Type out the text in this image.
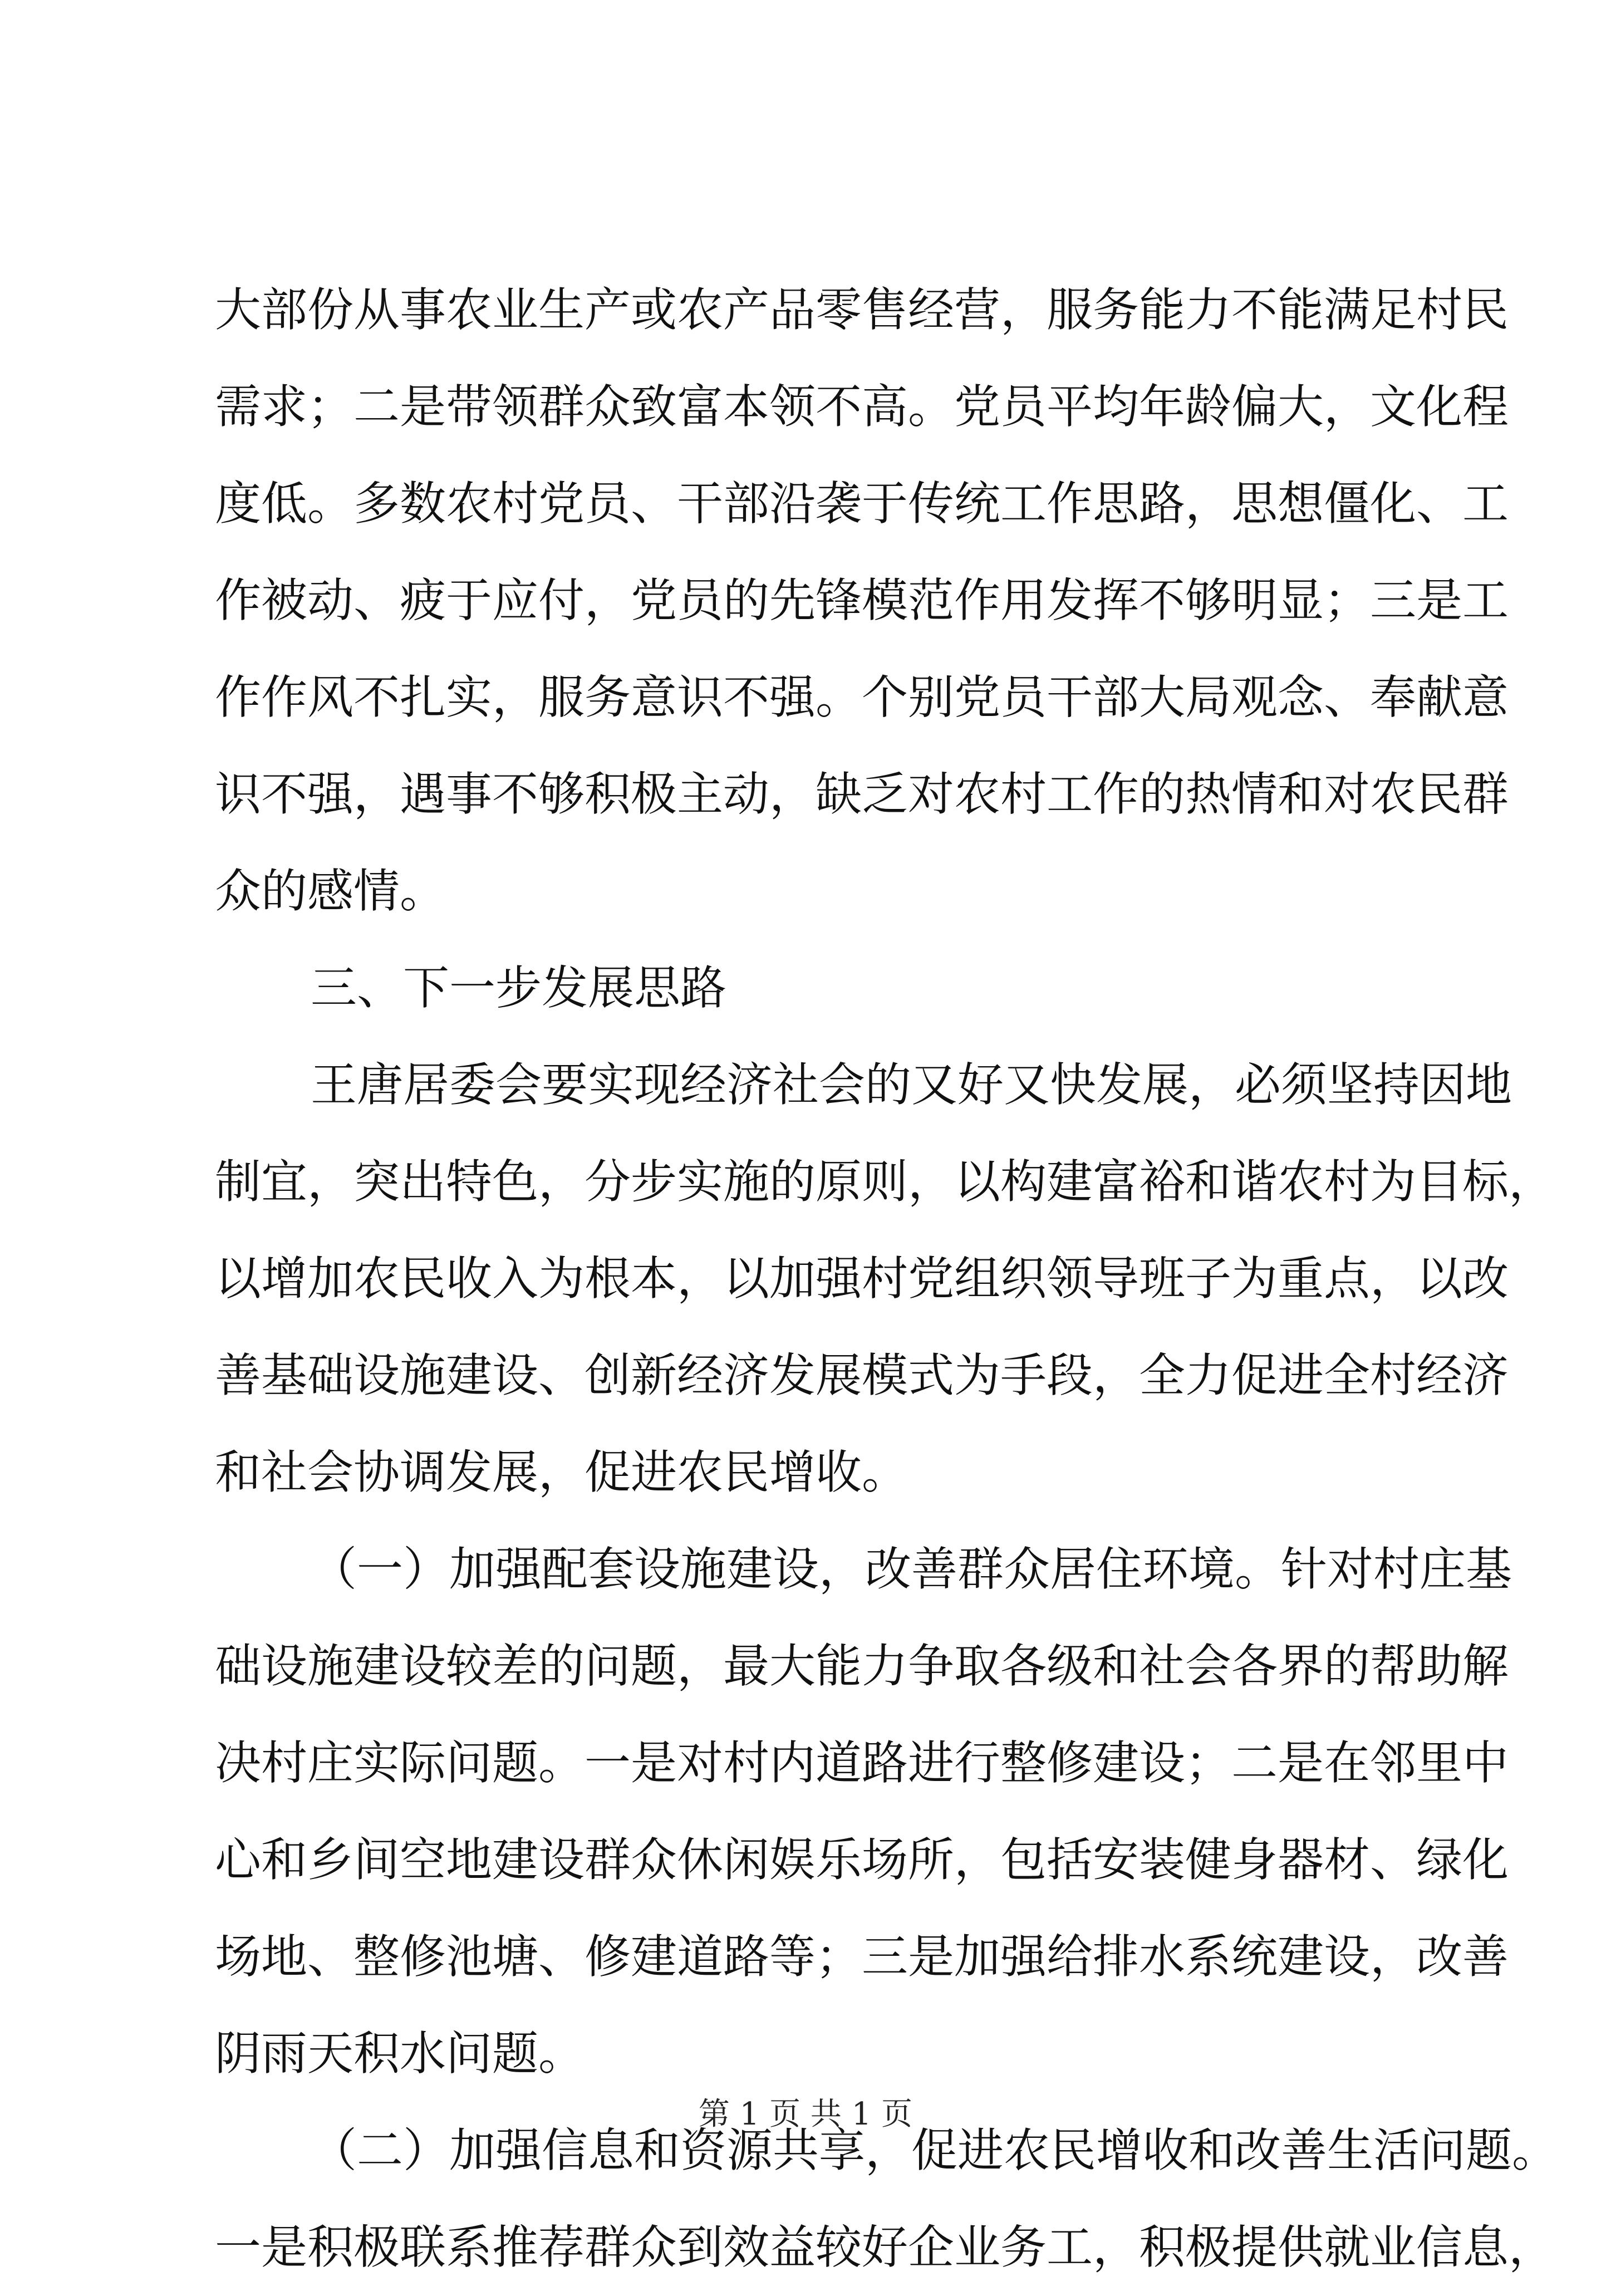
大部份从事农业生产或农产品零售经营，服务能力不能满足村民
需求；二是带领群众致富本领不高。党员平均年龄偏大，文化程
度低。多数农村党员、干部沿袭于传统工作思路，思想僵化、工
作被动、疲于应付，党员的先锋模范作用发挥不够明显；三是工
作作风不扎实，服务意识不强。个别党员干部大局观念、奉献意
识不强，遇事不够积极主动，缺乏对农村工作的热情和对农民群
众的感情。
三、下一步发展思路
王唐居委会要实现经济社会的又好又快发展，必须坚持因地
制宜，突出特色，分步实施的原则，以构建富裕和谐农村为目标，
以增加农民收入为根本，以加强村党组织领导班子为重点，以改
善基础设施建设、创新经济发展模式为手段，全力促进全村经济
和社会协调发展，促进农民增收。
（一）加强配套设施建设，改善群众居住环境。针对村庄基
础设施建设较差的问题，最大能力争取各级和社会各界的帮助解
决村庄实际问题。一是对村内道路进行整修建设；二是在邻里中
心和乡间空地建设群众休闲娱乐场所，包括安装健身器材、绿化
场地、整修池塘、修建道路等；三是加强给排水系统建设，改善
阴雨天积水问题。
（二）加强信息和资源共享，促进农民增收和改善生活问题。
一是积极联系推荐群众到效益较好企业务工，积极提供就业信息，
第 1 页 共 1 页
